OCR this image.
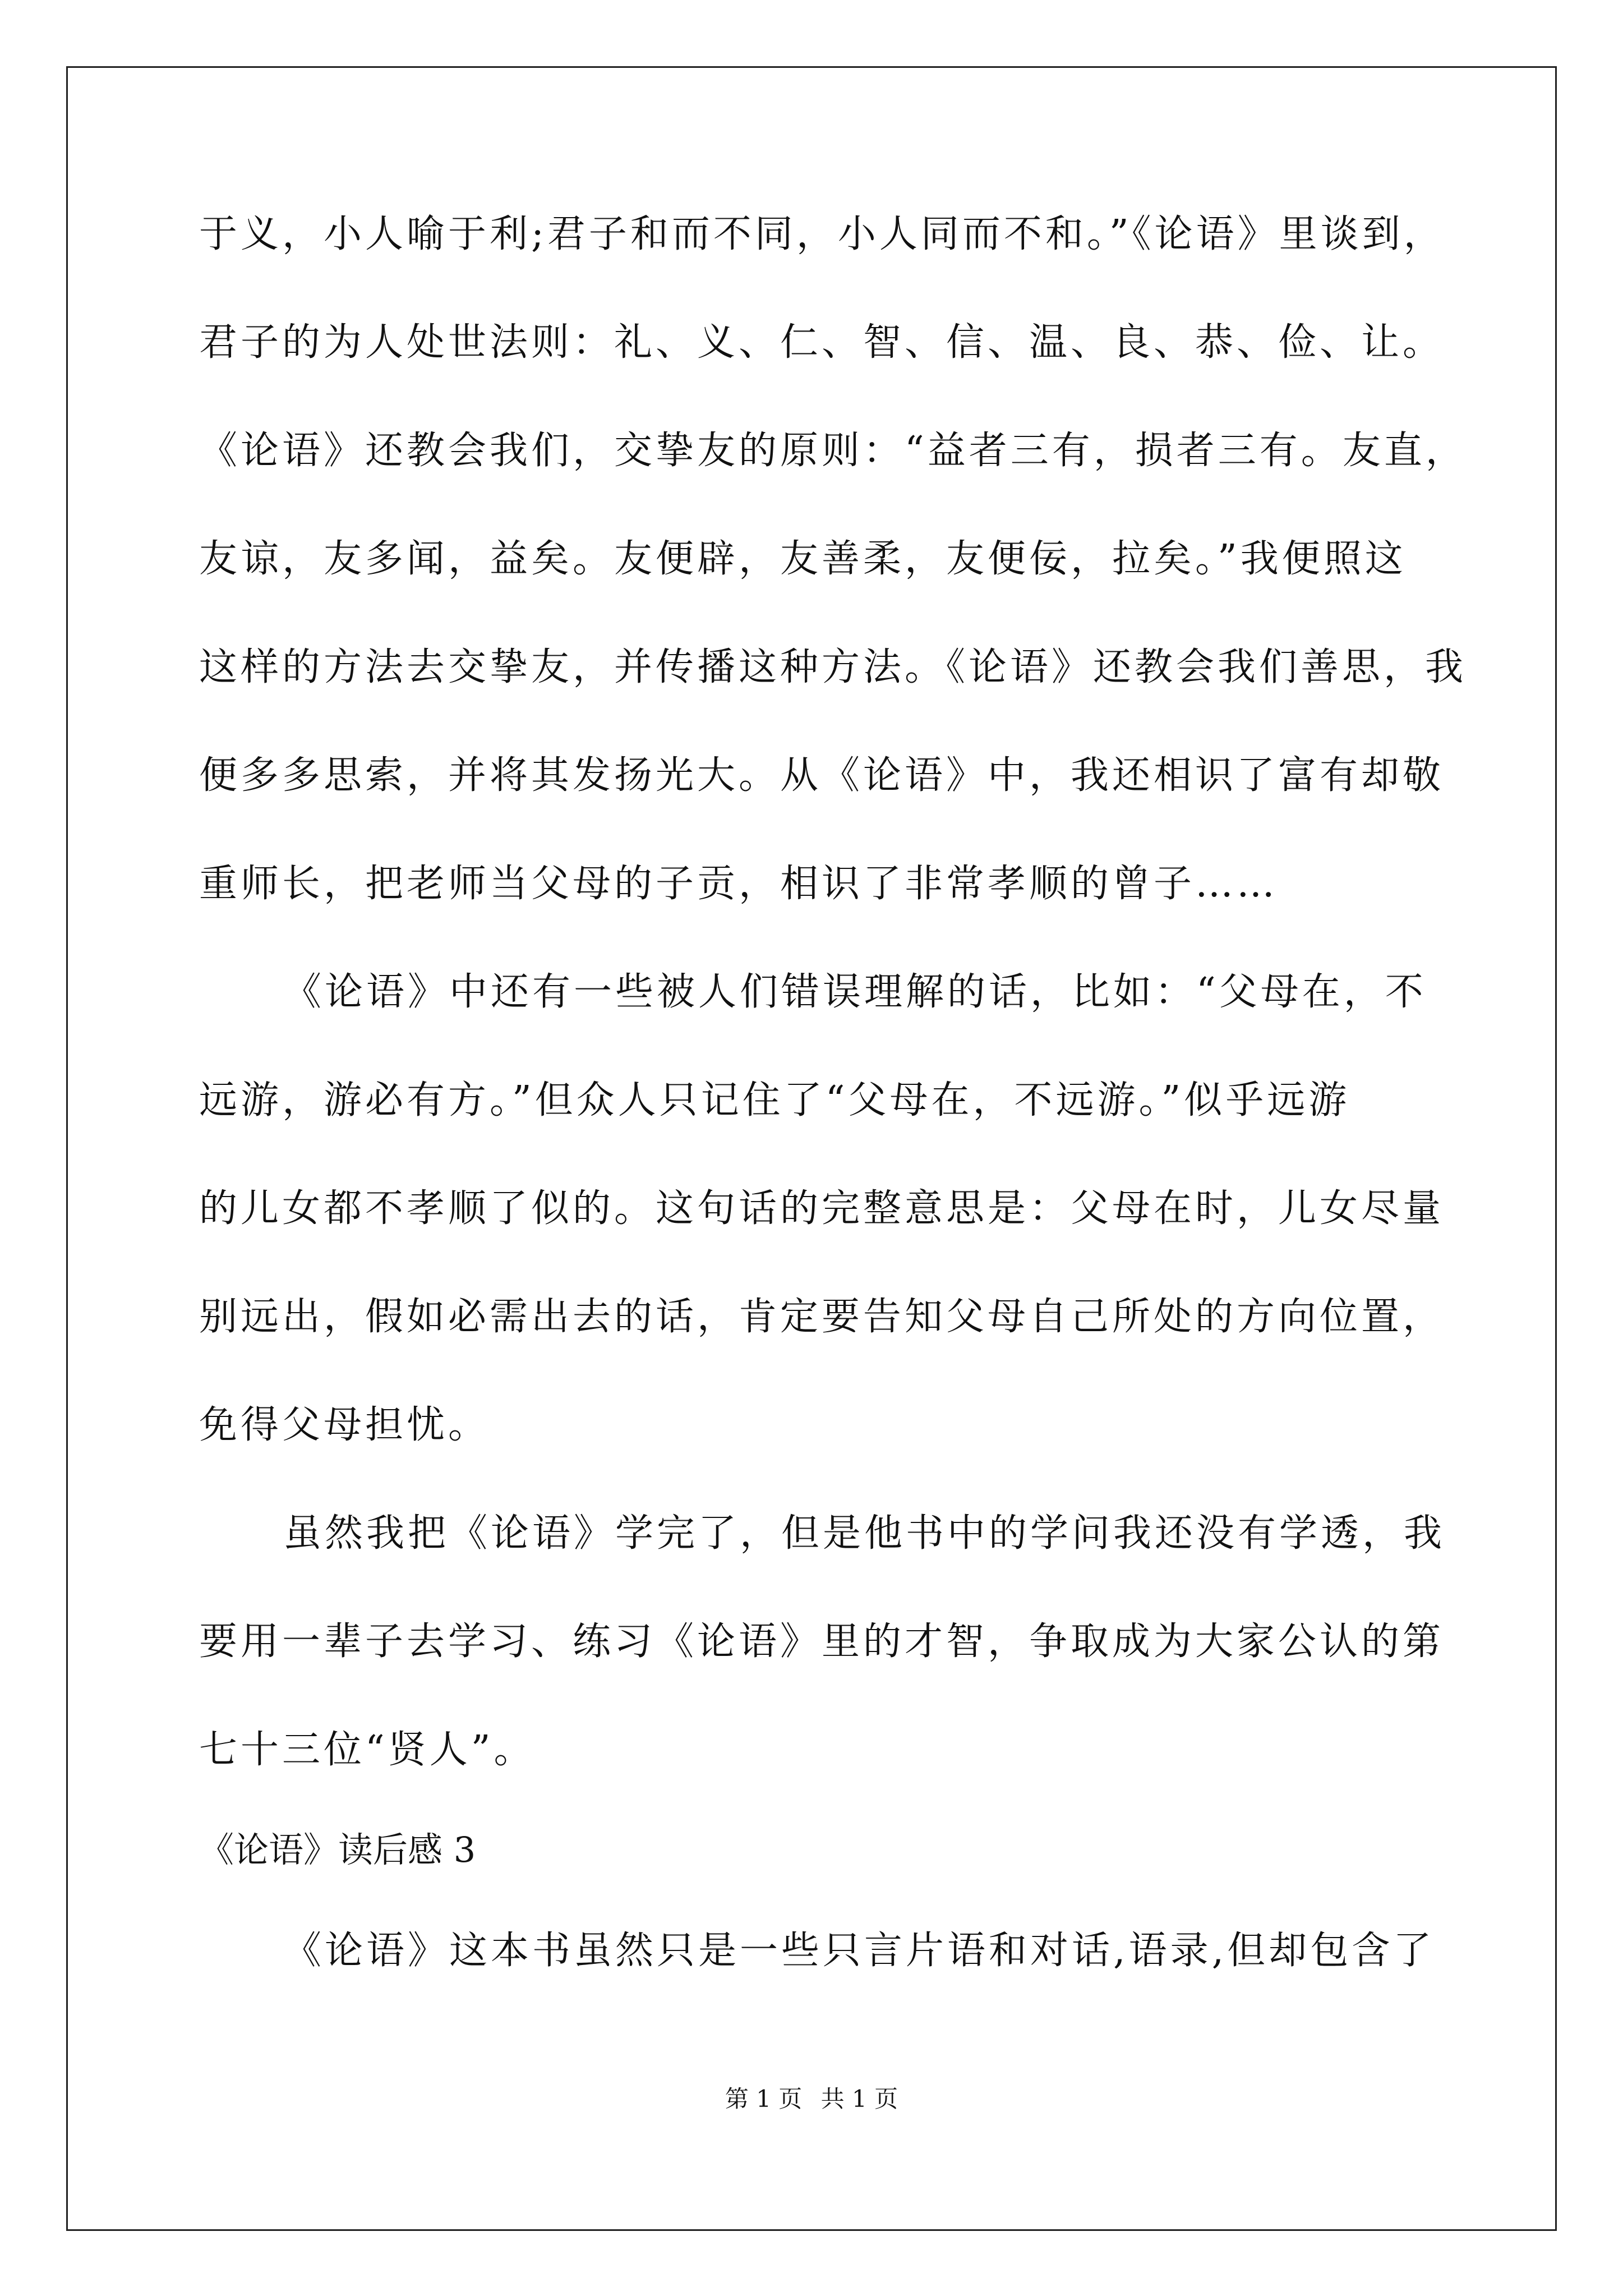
于义，小人喻于利;君子和而不同，小人同而不和。”《论语》里谈到，
君子的为人处世法则：礼、义、仁、智、信、温、良、恭、俭、让。
《论语》还教会我们，交挚友的原则：“益者三有，损者三有。友直，
友谅，友多闻，益矣。友便辟，友善柔，友便佞，拉矣。”我便照这
这样的方法去交挚友，并传播这种方法。《论语》还教会我们善思，我
便多多思索，并将其发扬光大。从《论语》中，我还相识了富有却敬
重师长，把老师当父母的子贡，相识了非常孝顺的曾子……
《论语》中还有一些被人们错误理解的话，比如：“父母在，不
远游，游必有方。”但众人只记住了“父母在，不远游。”似乎远游
的儿女都不孝顺了似的。这句话的完整意思是：父母在时，儿女尽量
别远出，假如必需出去的话，肯定要告知父母自己所处的方向位置，
免得父母担忧。
虽然我把《论语》学完了，但是他书中的学问我还没有学透，我
要用一辈子去学习、练习《论语》里的才智，争取成为大家公认的第
七十三位“贤人”。
《论语》读后感 3
《论语》这本书虽然只是一些只言片语和对话,语录,但却包含了
第 1 页 共 1 页
